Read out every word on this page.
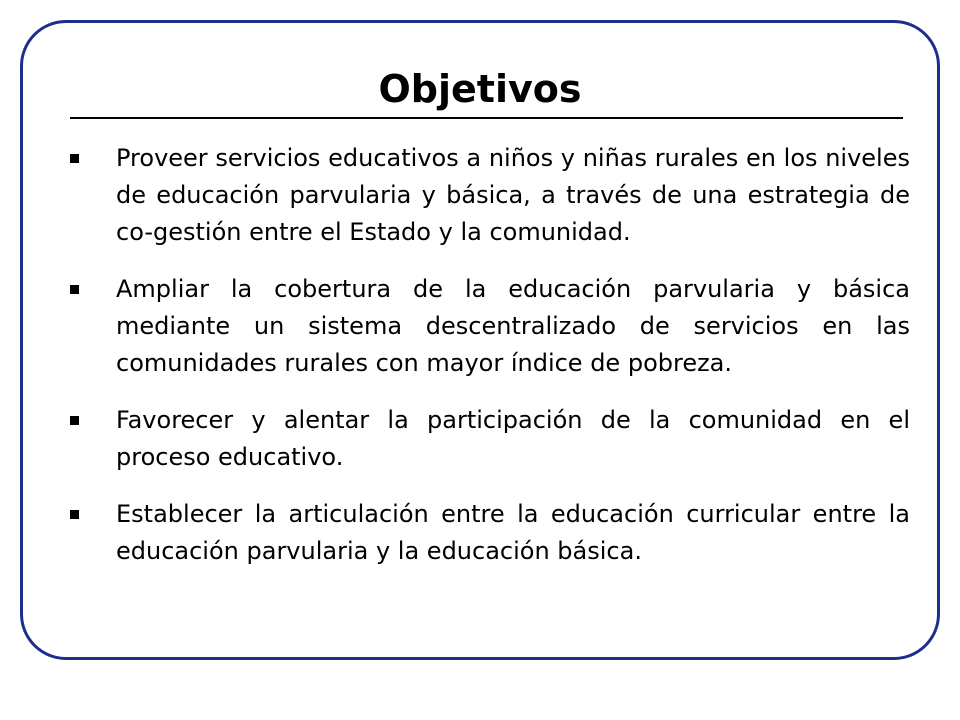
Objetivos
Proveer servicios educativos a niños y niñas rurales en los niveles de educación parvularia y básica, a través de una estrategia de co-gestión entre el Estado y la comunidad.
Ampliar la cobertura de la educación parvularia y básica mediante un sistema descentralizado de servicios en las comunidades rurales con mayor índice de pobreza.
Favorecer y alentar la participación de la comunidad en el proceso educativo.
Establecer la articulación entre la educación curricular entre la educación parvularia y la educación básica.
